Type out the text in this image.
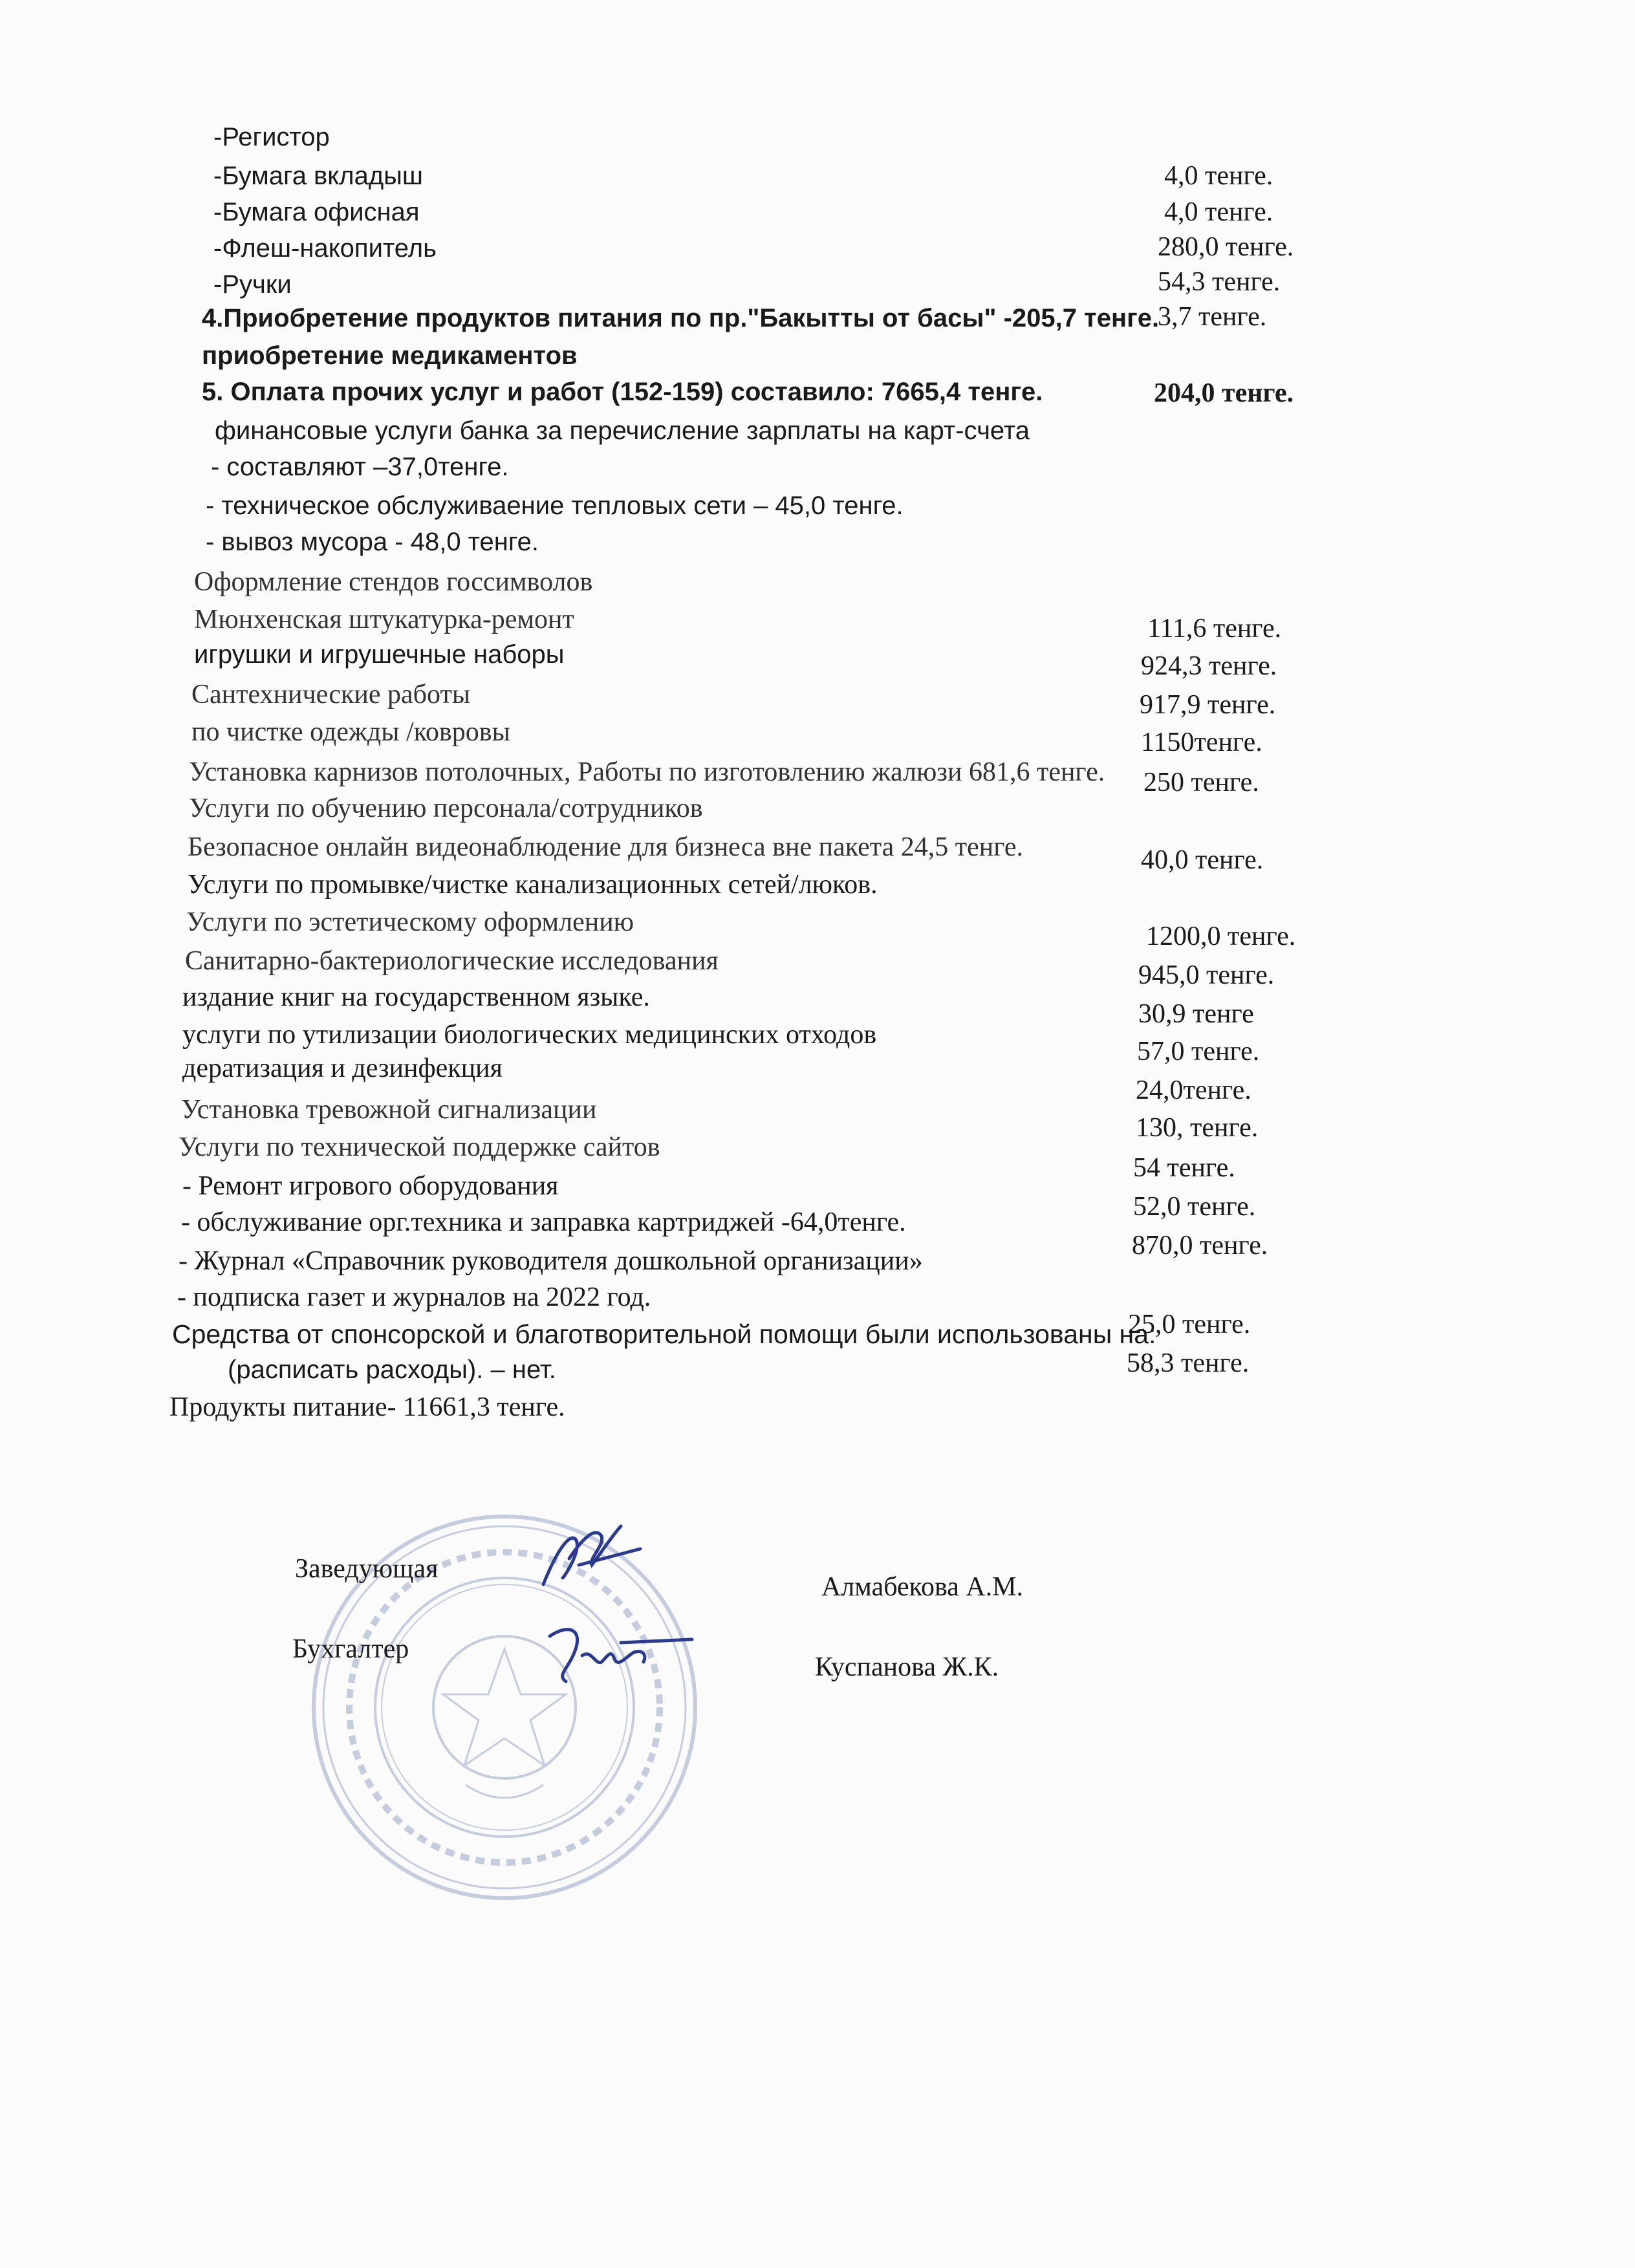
-Регистор
-Бумага вкладыш
-Бумага офисная
-Флеш-накопитель
-Ручки
4.Приобретение продуктов питания по пр."Бакытты от басы" -205,7 тенге.
приобретение медикаментов
5. Оплата прочих услуг и работ (152-159) составило: 7665,4 тенге.
финансовые услуги банка за перечисление зарплаты на карт-счета
- составляют –37,0тенге.
- техническое обслуживаение тепловых сети – 45,0 тенге.
- вывоз мусора - 48,0 тенге.
Оформление стендов госсимволов
Мюнхенская штукатурка-ремонт
игрушки и игрушечные наборы
Сантехнические работы
по чистке одежды /ковровы
Установка карнизов потолочных, Работы по изготовлению жалюзи 681,6 тенге.
Услуги по обучению персонала/сотрудников
Безопасное онлайн видеонаблюдение для бизнеса вне пакета 24,5 тенге.
Услуги по промывке/чистке канализационных сетей/люков.
Услуги по эстетическому оформлению
Санитарно-бактериологические исследования
издание книг на государственном языке.
услуги по утилизации биологических медицинских отходов
дератизация и дезинфекция
Установка тревожной сигнализации
Услуги по технической поддержке сайтов
- Ремонт игрового оборудования
- обслуживание орг.техника и заправка картриджей -64,0тенге.
- Журнал «Справочник руководителя дошкольной организации»
- подписка газет и журналов на 2022 год.
Средства от спонсорской и благотворительной помощи были использованы на:
(расписать расходы). – нет.
Продукты питание- 11661,3 тенге.
4,0 тенге.
4,0 тенге.
280,0 тенге.
54,3 тенге.
3,7 тенге.
204,0 тенге.
111,6 тенге.
924,3 тенге.
917,9 тенге.
1150тенге.
250 тенге.
40,0 тенге.
1200,0 тенге.
945,0 тенге.
30,9 тенге
57,0 тенге.
24,0тенге.
130, тенге.
54 тенге.
52,0 тенге.
870,0 тенге.
25,0 тенге.
58,3 тенге.
Заведующая
Алмабекова А.М.
Бухгалтер
Куспанова Ж.К.
